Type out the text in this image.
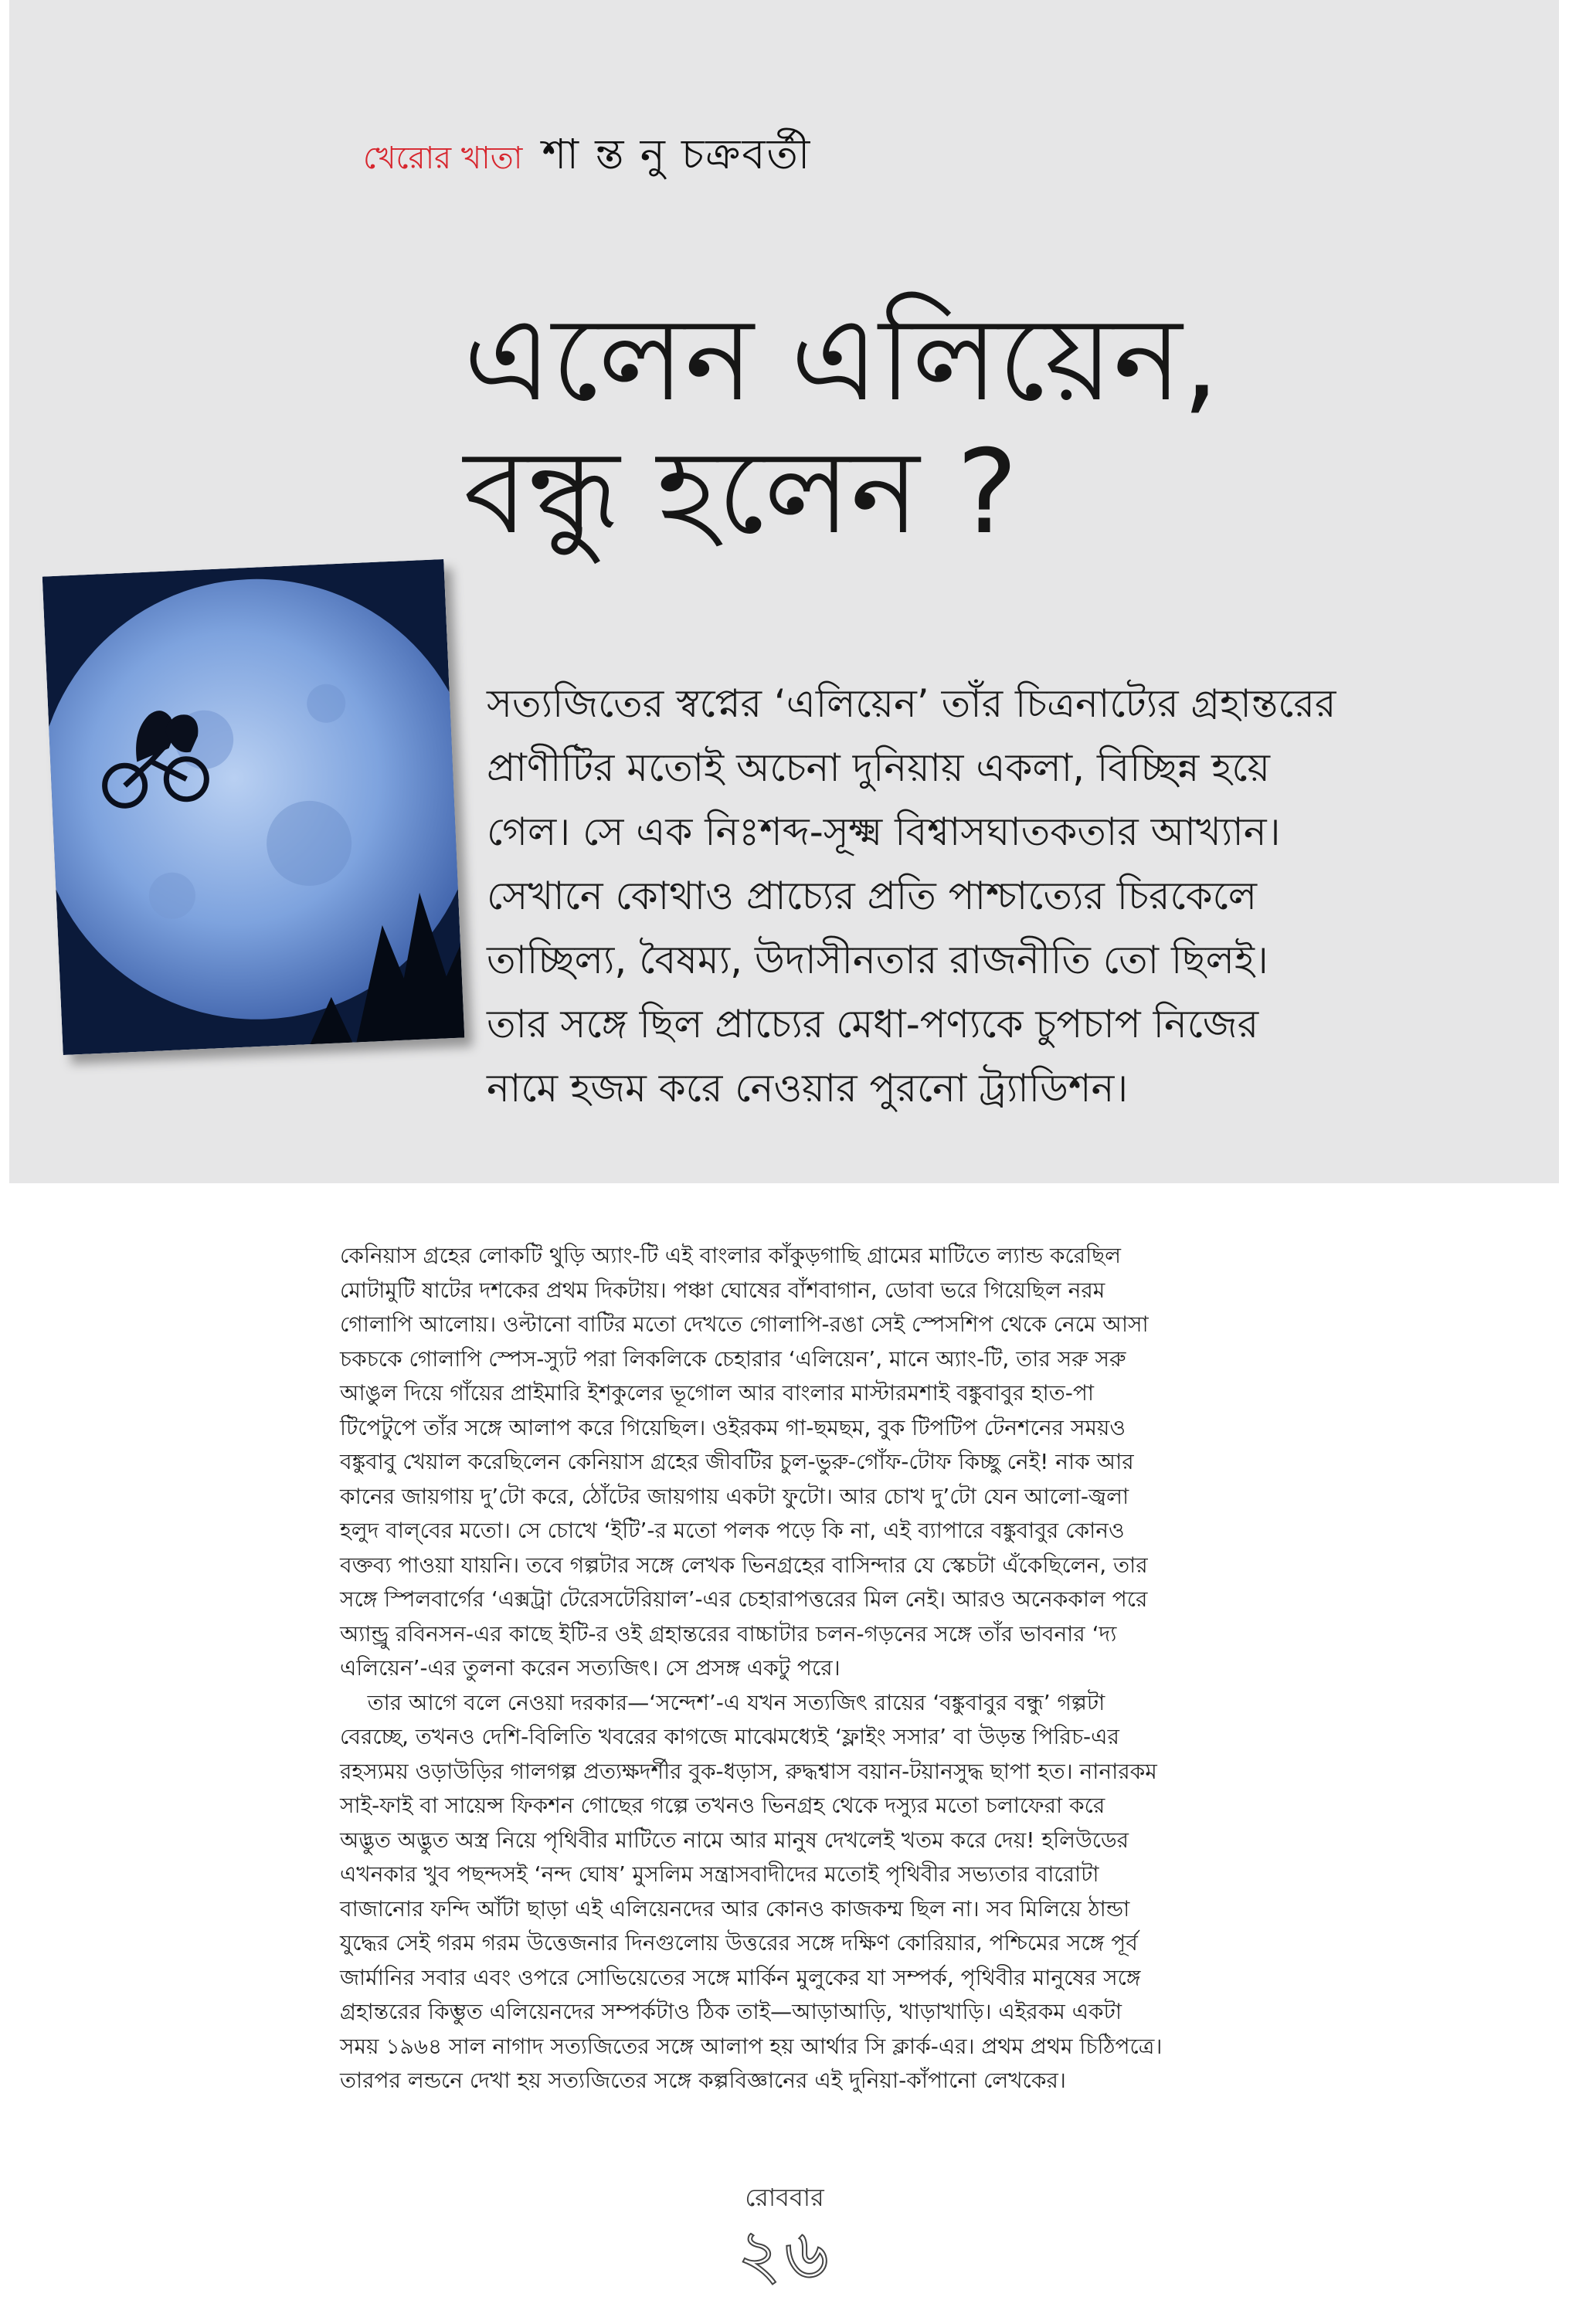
খেরোর খাতা শা ন্ত নু চক্রবর্তী
এলেন এলিয়েন,
বন্ধু হলেন ?

সত্যজিতের স্বপ্নের ‘এলিয়েন’ তাঁর চিত্রনাট্যের গ্রহান্তরের

প্রাণীটির মতোই অচেনা দুনিয়ায় একলা, বিচ্ছিন্ন হয়ে

গেল। সে এক নিঃশব্দ-সূক্ষ্ম বিশ্বাসঘাতকতার আখ্যান।

সেখানে কোথাও প্রাচ্যের প্রতি পাশ্চাত্যের চিরকেলে

তাচ্ছিল্য, বৈষম্য, উদাসীনতার রাজনীতি তো ছিলই।

তার সঙ্গে ছিল প্রাচ্যের মেধা-পণ্যকে চুপচাপ নিজের

নামে হজম করে নেওয়ার পুরনো ট্র্যাডিশন।

কেনিয়াস গ্রহের লোকটি থুড়ি অ্যাং-টি এই বাংলার কাঁকুড়গাছি গ্রামের মাটিতে ল্যান্ড করেছিল

মোটামুটি ষাটের দশকের প্রথম দিকটায়। পঞ্চা ঘোষের বাঁশবাগান, ডোবা ভরে গিয়েছিল নরম

গোলাপি আলোয়। ওল্টানো বাটির মতো দেখতে গোলাপি-রঙা সেই স্পেসশিপ থেকে নেমে আসা

চকচকে গোলাপি স্পেস-স্যুট পরা লিকলিকে চেহারার ‘এলিয়েন’, মানে অ্যাং-টি, তার সরু সরু

আঙুল দিয়ে গাঁয়ের প্রাইমারি ইশকুলের ভূগোল আর বাংলার মাস্টারমশাই বঙ্কুবাবুর হাত-পা

টিপেটুপে তাঁর সঙ্গে আলাপ করে গিয়েছিল। ওইরকম গা-ছমছম, বুক টিপটিপ টেনশনের সময়ও

বঙ্কুবাবু খেয়াল করেছিলেন কেনিয়াস গ্রহের জীবটির চুল-ভুরু-গোঁফ-টোফ কিচ্ছু নেই! নাক আর

কানের জায়গায় দু’টো করে, ঠোঁটের জায়গায় একটা ফুটো। আর চোখ দু’টো যেন আলো-জ্বলা

হলুদ বাল্‌বের মতো। সে চোখে ‘ইটি’-র মতো পলক পড়ে কি না, এই ব্যাপারে বঙ্কুবাবুর কোনও

বক্তব্য পাওয়া যায়নি। তবে গল্পটার সঙ্গে লেখক ভিনগ্রহের বাসিন্দার যে স্কেচটা এঁকেছিলেন, তার

সঙ্গে স্পিলবার্গের ‘এক্সট্রা টেরেসটেরিয়াল’-এর চেহারাপত্তরের মিল নেই। আরও অনেককাল পরে

অ্যান্ড্রু রবিনসন-এর কাছে ইটি-র ওই গ্রহান্তরের বাচ্চাটার চলন-গড়নের সঙ্গে তাঁর ভাবনার ‘দ্য

এলিয়েন’-এর তুলনা করেন সত্যজিৎ। সে প্রসঙ্গ একটু পরে।

তার আগে বলে নেওয়া দরকার—‘সন্দেশ’-এ যখন সত্যজিৎ রায়ের ‘বঙ্কুবাবুর বন্ধু’ গল্পটা

বেরচ্ছে, তখনও দেশি-বিলিতি খবরের কাগজে মাঝেমধ্যেই ‘ফ্লাইং সসার’ বা উড়ন্ত পিরিচ-এর

রহস্যময় ওড়াউড়ির গালগল্প প্রত্যক্ষদর্শীর বুক-ধড়াস, রুদ্ধশ্বাস বয়ান-টয়ানসুদ্ধ ছাপা হত। নানারকম

সাই-ফাই বা সায়েন্স ফিকশন গোছের গল্পে তখনও ভিনগ্রহ থেকে দস্যুর মতো চলাফেরা করে

অদ্ভুত অদ্ভুত অস্ত্র নিয়ে পৃথিবীর মাটিতে নামে আর মানুষ দেখলেই খতম করে দেয়! হলিউডের

এখনকার খুব পছন্দসই ‘নন্দ ঘোষ’ মুসলিম সন্ত্রাসবাদীদের মতোই পৃথিবীর সভ্যতার বারোটা

বাজানোর ফন্দি আঁটা ছাড়া এই এলিয়েনদের আর কোনও কাজকম্ম ছিল না। সব মিলিয়ে ঠান্ডা

যুদ্ধের সেই গরম গরম উত্তেজনার দিনগুলোয় উত্তরের সঙ্গে দক্ষিণ কোরিয়ার, পশ্চিমের সঙ্গে পূর্ব

জার্মানির সবার এবং ওপরে সোভিয়েতের সঙ্গে মার্কিন মুলুকের যা সম্পর্ক, পৃথিবীর মানুষের সঙ্গে

গ্রহান্তরের কিম্ভুত এলিয়েনদের সম্পর্কটাও ঠিক তাই—আড়াআড়ি, খাড়াখাড়ি। এইরকম একটা

সময় ১৯৬৪ সাল নাগাদ সত্যজিতের সঙ্গে আলাপ হয় আর্থার সি ক্লার্ক-এর। প্রথম প্রথম চিঠিপত্রে।

তারপর লন্ডনে দেখা হয় সত্যজিতের সঙ্গে কল্পবিজ্ঞানের এই দুনিয়া-কাঁপানো লেখকের।

রোববার
২৬
